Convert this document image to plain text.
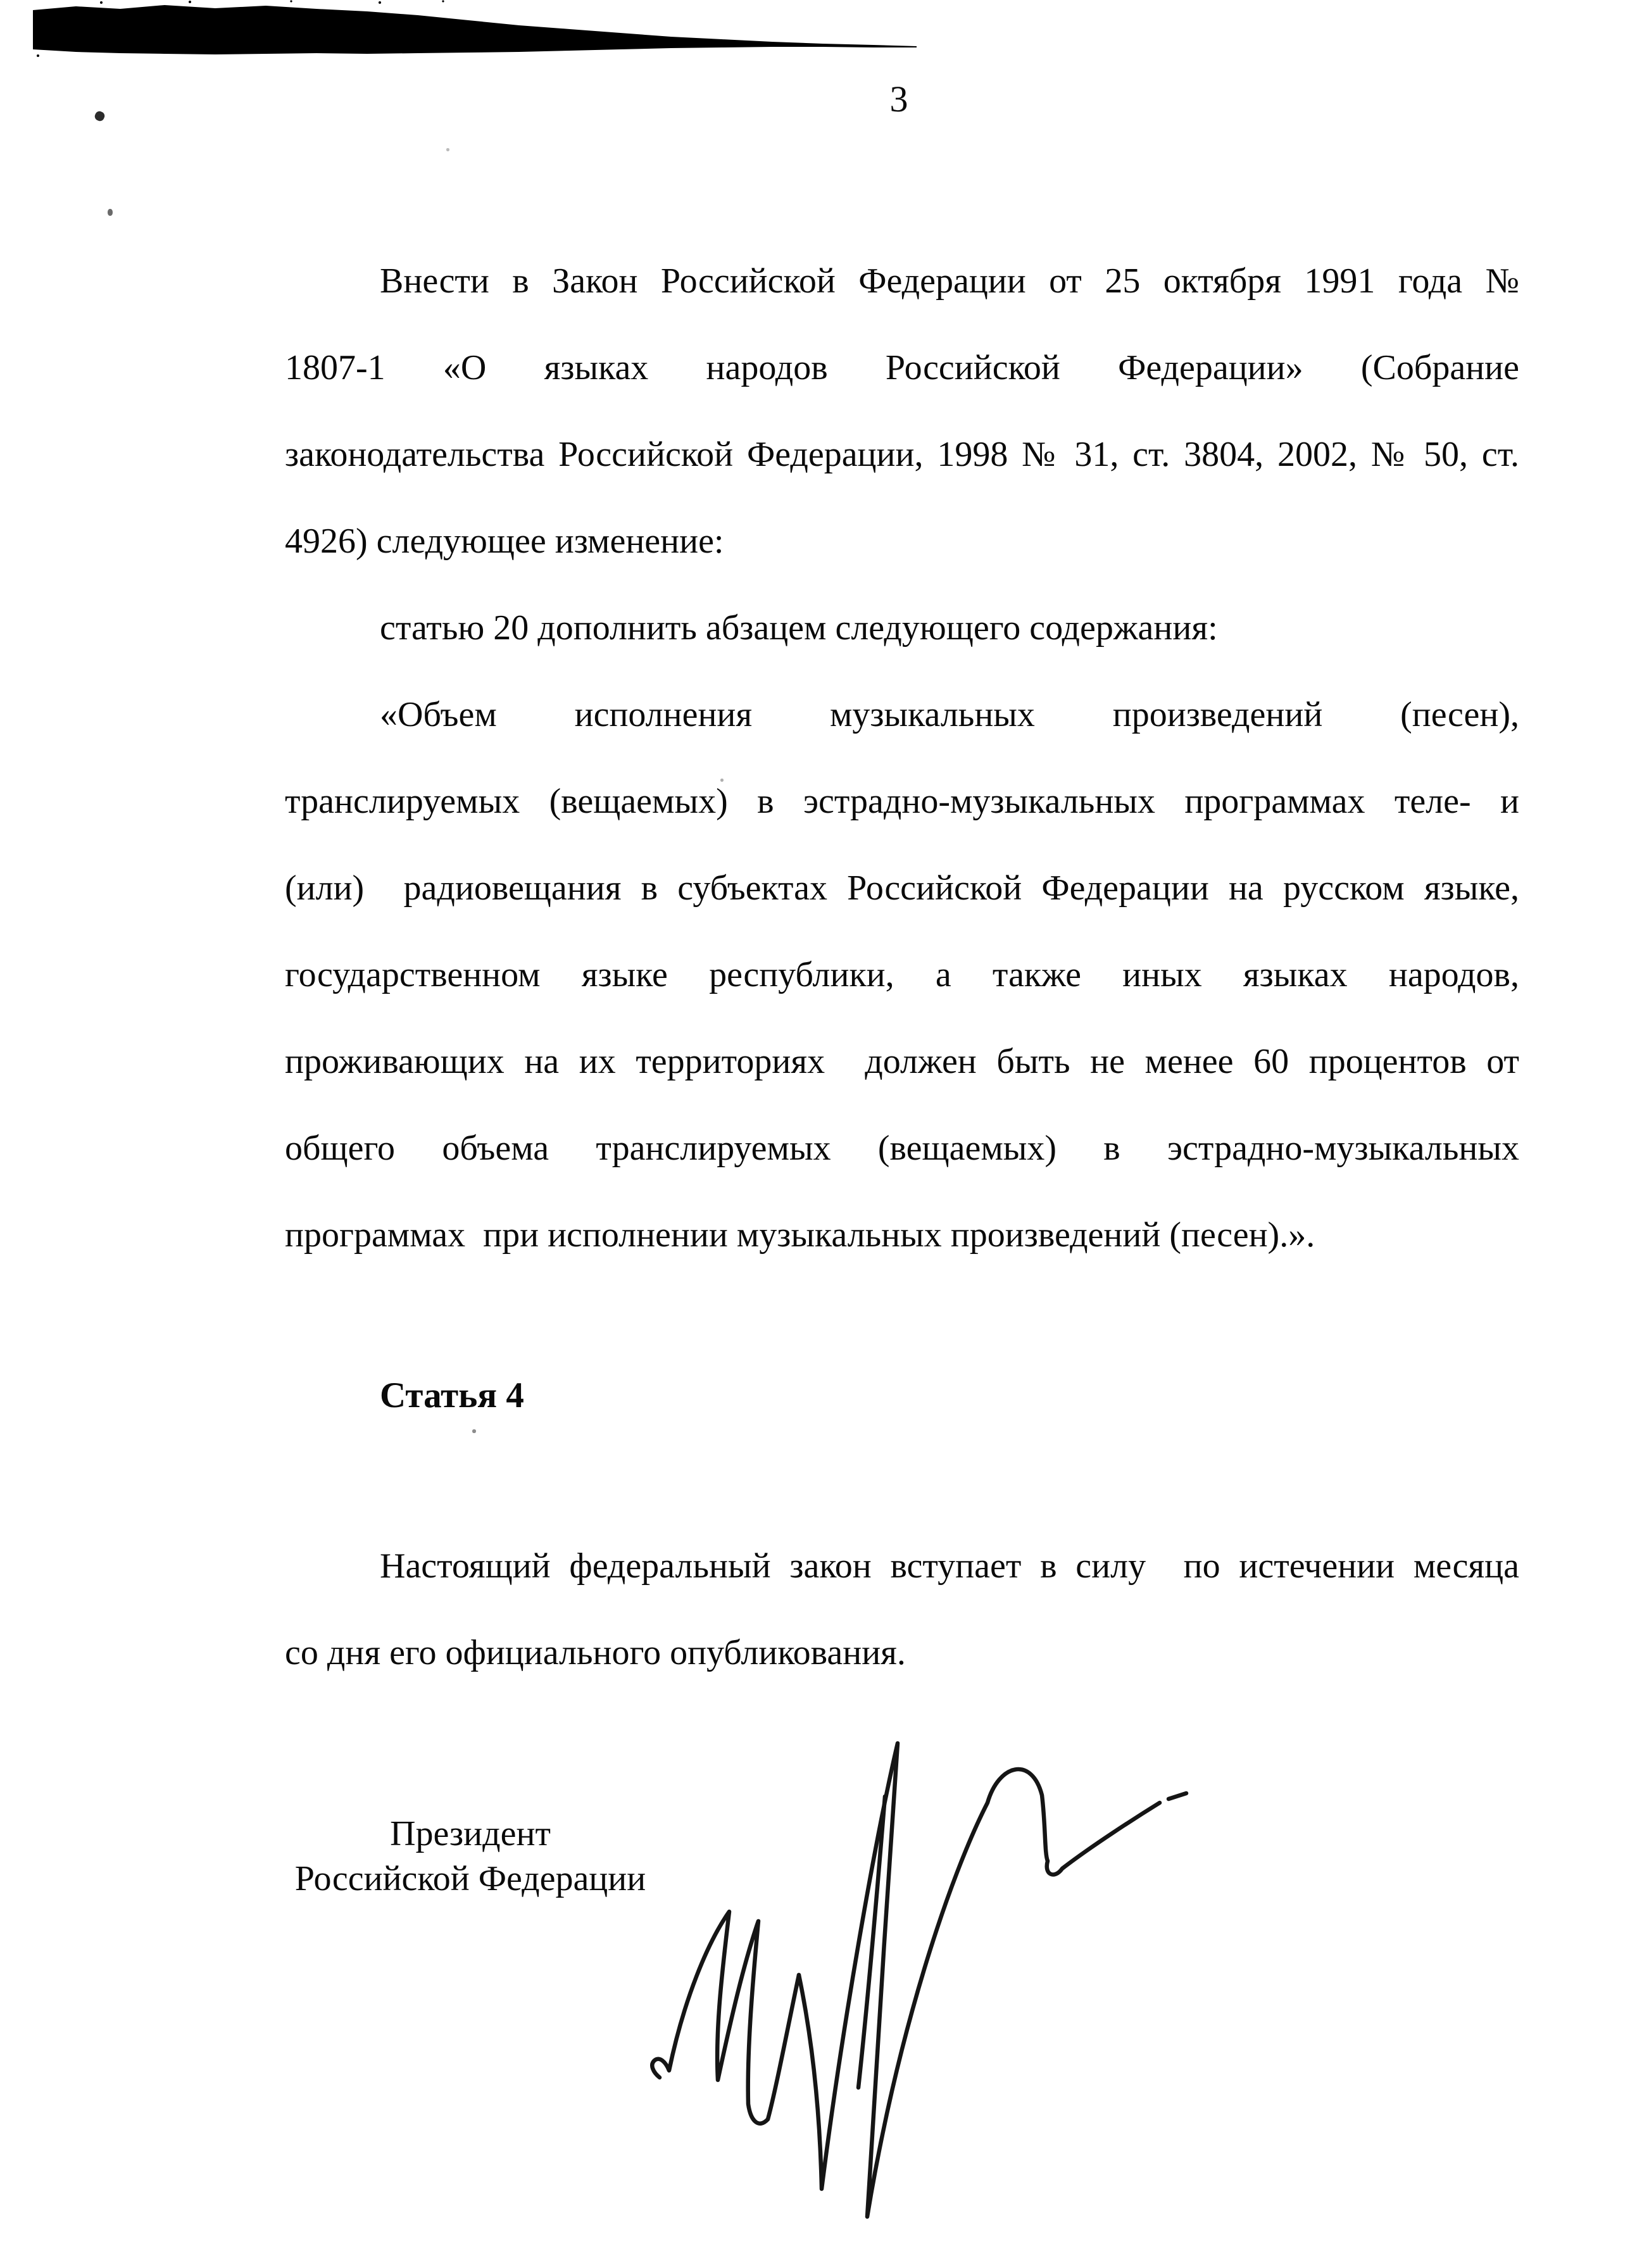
3
Внести в Закон Российской Федерации от 25 октября 1991 года №
1807-1 «О языках народов Российской Федерации» (Собрание
законодательства Российской Федерации, 1998 № 31, ст. 3804, 2002, № 50, ст.
4926) следующее изменение:
статью 20 дополнить абзацем следующего содержания:
«Объем исполнения музыкальных произведений (песен),
транслируемых (вещаемых) в эстрадно-музыкальных программах теле- и
(или)  радиовещания в субъектах Российской Федерации на русском языке,
государственном языке республики, а также иных языках народов,
проживающих на их территориях  должен быть не менее 60 процентов от
общего объема транслируемых (вещаемых) в эстрадно-музыкальных
программах  при исполнении музыкальных произведений (песен).».
Статья 4
Настоящий федеральный закон вступает в силу  по истечении месяца
со дня его официального опубликования.
Президент
Российской Федерации
